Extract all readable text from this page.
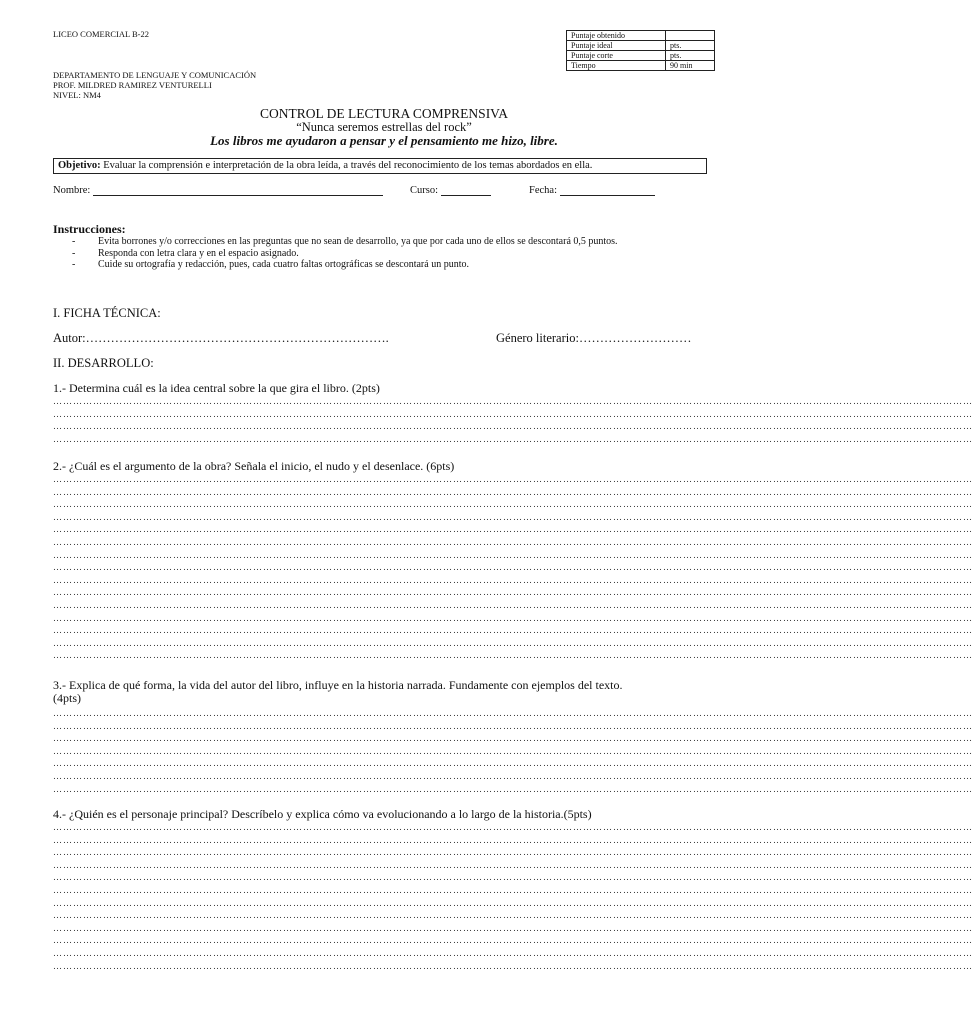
LICEO COMERCIAL B-22	Puntaje obtenido	
Puntaje ideal	pts.
Puntaje corte	pts.
Tiempo	90 min
DEPARTAMENTO DE LENGUAJE Y COMUNICACIÓN
PROF. MILDRED RAMIREZ VENTURELLI
NIVEL: NM4
CONTROL DE LECTURA COMPRENSIVA
“Nunca seremos estrellas del rock”
Los libros me ayudaron a pensar y el pensamiento me hizo, libre.
Objetivo: Evaluar la comprensión e interpretación de la obra leída, a través del reconocimiento de los temas abordados en ella.
Nombre:	Curso:	Fecha:
Instrucciones:
-	Evita borrones y/o correcciones en las preguntas que no sean de desarrollo, ya que por cada uno de ellos se descontará 0,5 puntos.
-	Responda con letra clara y en el espacio asignado.
-	Cuide su ortografía y redacción, pues, cada cuatro faltas ortográficas se descontará un punto.
I. FICHA TÉCNICA:
Autor:……………………………………………………………….	Género literario:………………………
II. DESARROLLO:
1.- Determina cuál es la idea central sobre la que gira el libro. (2pts)
……………………………………………………………………………………………………………………………………………………………………………………………………………………………………………………
……………………………………………………………………………………………………………………………………………………………………………………………………………………………………………………
……………………………………………………………………………………………………………………………………………………………………………………………………………………………………………………
……………………………………………………………………………………………………………………………………………………………………………………………………………………………………………………
2.- ¿Cuál es el argumento de la obra? Señala el inicio, el nudo y el desenlace. (6pts)
……………………………………………………………………………………………………………………………………………………………………………………………………………………………………………………
……………………………………………………………………………………………………………………………………………………………………………………………………………………………………………………
……………………………………………………………………………………………………………………………………………………………………………………………………………………………………………………
……………………………………………………………………………………………………………………………………………………………………………………………………………………………………………………
……………………………………………………………………………………………………………………………………………………………………………………………………………………………………………………
……………………………………………………………………………………………………………………………………………………………………………………………………………………………………………………
……………………………………………………………………………………………………………………………………………………………………………………………………………………………………………………
……………………………………………………………………………………………………………………………………………………………………………………………………………………………………………………
……………………………………………………………………………………………………………………………………………………………………………………………………………………………………………………
……………………………………………………………………………………………………………………………………………………………………………………………………………………………………………………
……………………………………………………………………………………………………………………………………………………………………………………………………………………………………………………
……………………………………………………………………………………………………………………………………………………………………………………………………………………………………………………
……………………………………………………………………………………………………………………………………………………………………………………………………………………………………………………
……………………………………………………………………………………………………………………………………………………………………………………………………………………………………………………
……………………………………………………………………………………………………………………………………………………………………………………………………………………………………………………
3.- Explica de qué forma, la vida del autor del libro, influye en la historia narrada. Fundamente con ejemplos del texto.
(4pts)
……………………………………………………………………………………………………………………………………………………………………………………………………………………………………………………
……………………………………………………………………………………………………………………………………………………………………………………………………………………………………………………
……………………………………………………………………………………………………………………………………………………………………………………………………………………………………………………
……………………………………………………………………………………………………………………………………………………………………………………………………………………………………………………
……………………………………………………………………………………………………………………………………………………………………………………………………………………………………………………
……………………………………………………………………………………………………………………………………………………………………………………………………………………………………………………
……………………………………………………………………………………………………………………………………………………………………………………………………………………………………………………
4.- ¿Quién es el personaje principal? Descríbelo y explica cómo va evolucionando a lo largo de la historia.(5pts)
……………………………………………………………………………………………………………………………………………………………………………………………………………………………………………………
……………………………………………………………………………………………………………………………………………………………………………………………………………………………………………………
……………………………………………………………………………………………………………………………………………………………………………………………………………………………………………………
……………………………………………………………………………………………………………………………………………………………………………………………………………………………………………………
……………………………………………………………………………………………………………………………………………………………………………………………………………………………………………………
……………………………………………………………………………………………………………………………………………………………………………………………………………………………………………………
……………………………………………………………………………………………………………………………………………………………………………………………………………………………………………………
……………………………………………………………………………………………………………………………………………………………………………………………………………………………………………………
……………………………………………………………………………………………………………………………………………………………………………………………………………………………………………………
……………………………………………………………………………………………………………………………………………………………………………………………………………………………………………………
……………………………………………………………………………………………………………………………………………………………………………………………………………………………………………………
……………………………………………………………………………………………………………………………………………………………………………………………………………………………………………………
